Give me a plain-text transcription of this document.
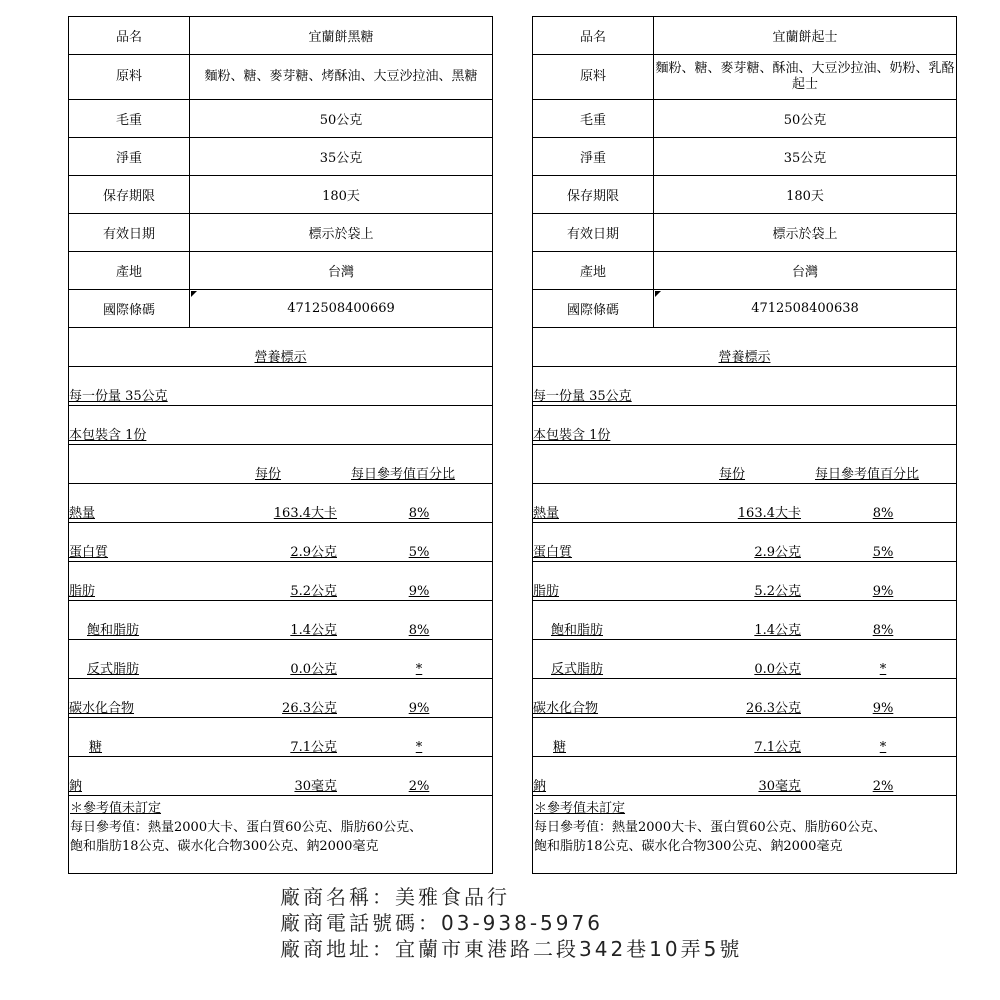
品名	宜蘭餅黑糖
原料	麵粉、糖、麥芽糖、烤酥油、大豆沙拉油、黑糖
毛重	50公克
淨重	35公克
保存期限	180天
有效日期	標示於袋上
產地	台灣
國際條碼	4712508400669
營養標示
每一份量 35公克
本包裝含 1份

每份	每日參考值百分比

熱量	163.4大卡	8%

蛋白質	2.9公克	5%

脂肪	5.2公克	9%

飽和脂肪	1.4公克	8%

反式脂肪	0.0公克	*

碳水化合物	26.3公克	9%

糖	7.1公克	*

鈉	30毫克	2%

＊參考值未訂定
每日參考值：熱量2000大卡、蛋白質60公克、脂肪60公克、
飽和脂肪18公克、碳水化合物300公克、鈉2000毫克
品名	宜蘭餅起士
原料	麵粉、糖、麥芽糖、酥油、大豆沙拉油、奶粉、乳酪起士
毛重	50公克
淨重	35公克
保存期限	180天
有效日期	標示於袋上
產地	台灣
國際條碼	4712508400638
營養標示
每一份量 35公克
本包裝含 1份

每份	每日參考值百分比

熱量	163.4大卡	8%

蛋白質	2.9公克	5%

脂肪	5.2公克	9%

飽和脂肪	1.4公克	8%

反式脂肪	0.0公克	*

碳水化合物	26.3公克	9%

糖	7.1公克	*

鈉	30毫克	2%

＊參考值未訂定
每日參考值：熱量2000大卡、蛋白質60公克、脂肪60公克、
飽和脂肪18公克、碳水化合物300公克、鈉2000毫克
廠商名稱：美雅食品行
廠商電話號碼：03-938-5976
廠商地址：宜蘭市東港路二段342巷10弄5號
